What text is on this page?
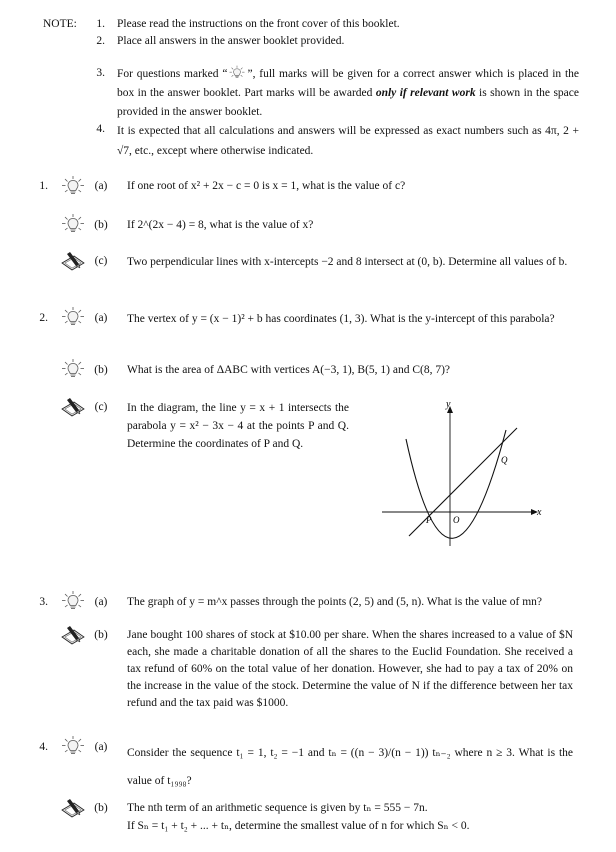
NOTE:	1. Please read the instructions on the front cover of this booklet.
2. Place all answers in the answer booklet provided.
3. For questions marked “ ”, full marks will be given for a correct answer which is placed in the box in the answer booklet. Part marks will be awarded only if relevant work is shown in the space provided in the answer booklet.
4. It is expected that all calculations and answers will be expressed as exact numbers such as 4π, 2 + √7, etc., except where otherwise indicated.
1.	(a) If one root of x² + 2x − c = 0 is x = 1, what is the value of c?
(b) If 2^(2x − 4) = 8, what is the value of x?
(c) Two perpendicular lines with x-intercepts −2 and 8 intersect at (0, b). Determine all values of b.
2.	(a) The vertex of y = (x − 1)² + b has coordinates (1, 3). What is the y-intercept of this parabola?
(b) What is the area of ΔABC with vertices A(−3, 1), B(5, 1) and C(8, 7)?
(c) In the diagram, the line y = x + 1 intersects the parabola y = x² − 3x − 4 at the points P and Q. Determine the coordinates of P and Q.
y
x
Q
P O
3.	(a) The graph of y = m^x passes through the points (2, 5) and (5, n). What is the value of mn?
(b) Jane bought 100 shares of stock at $10.00 per share. When the shares increased to a value of $N each, she made a charitable donation of all the shares to the Euclid Foundation. She received a tax refund of 60% on the total value of her donation. However, she had to pay a tax of 20% on the increase in the value of the stock. Determine the value of N if the difference between her tax refund and the tax paid was $1000.
4.	(a) Consider the sequence t₁ = 1, t₂ = −1 and tₙ = ((n − 3)/(n − 1)) tₙ₋₂ where n ≥ 3. What is the value of t₁₉₉₈?
(b) The nth term of an arithmetic sequence is given by tₙ = 555 − 7n.
If Sₙ = t₁ + t₂ + ... + tₙ, determine the smallest value of n for which Sₙ < 0.
